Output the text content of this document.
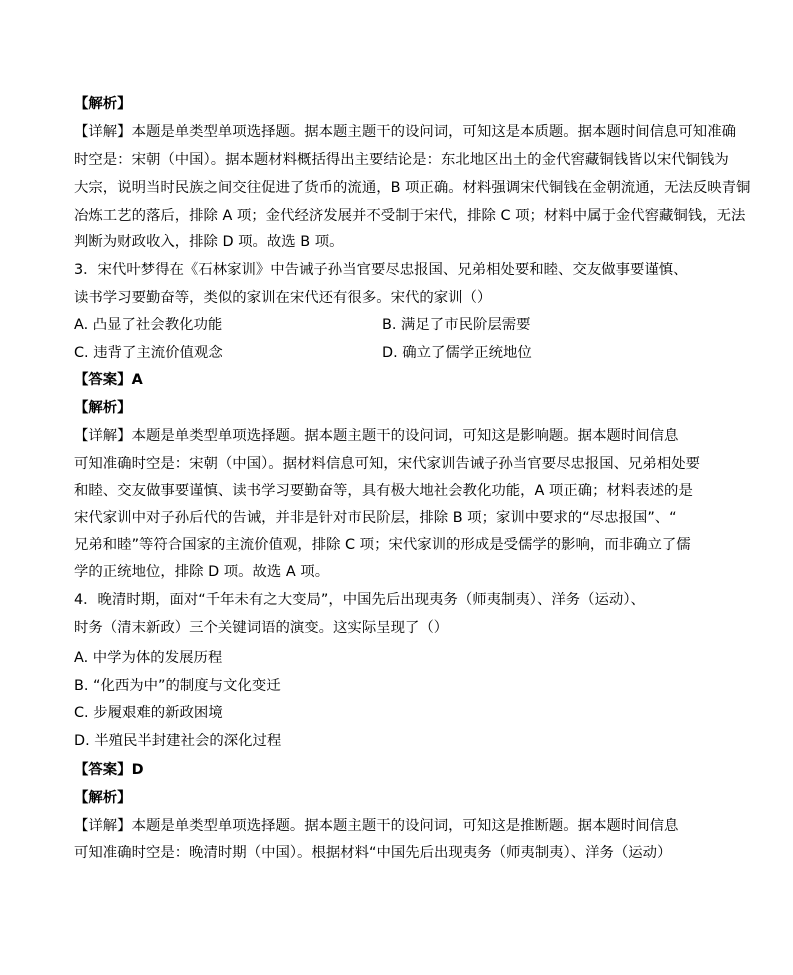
【解析】
【详解】本题是单类型单项选择题。据本题主题干的设问词，可知这是本质题。据本题时间信息可知准确
时空是：宋朝（中国）。据本题材料概括得出主要结论是：东北地区出土的金代窖藏铜钱皆以宋代铜钱为
大宗，说明当时民族之间交往促进了货币的流通，B 项正确。材料强调宋代铜钱在金朝流通，无法反映青铜
冶炼工艺的落后，排除 A 项；金代经济发展并不受制于宋代，排除 C 项；材料中属于金代窖藏铜钱，无法
判断为财政收入，排除 D 项。故选 B 项。
3．宋代叶梦得在《石林家训》中告诫子孙当官要尽忠报国、兄弟相处要和睦、交友做事要谨慎、
读书学习要勤奋等，类似的家训在宋代还有很多。宋代的家训（）
A. 凸显了社会教化功能	B. 满足了市民阶层需要
C. 违背了主流价值观念	D. 确立了儒学正统地位
【答案】A
【解析】
【详解】本题是单类型单项选择题。据本题主题干的设问词，可知这是影响题。据本题时间信息
可知准确时空是：宋朝（中国）。据材料信息可知，宋代家训告诫子孙当官要尽忠报国、兄弟相处要
和睦、交友做事要谨慎、读书学习要勤奋等，具有极大地社会教化功能，A 项正确；材料表述的是
宋代家训中对子孙后代的告诫，并非是针对市民阶层，排除 B 项；家训中要求的“尽忠报国”、“
兄弟和睦”等符合国家的主流价值观，排除 C 项；宋代家训的形成是受儒学的影响，而非确立了儒
学的正统地位，排除 D 项。故选 A 项。
4．晚清时期，面对“千年未有之大变局”，中国先后出现夷务（师夷制夷）、洋务（运动）、
时务（清末新政）三个关键词语的演变。这实际呈现了（）
A. 中学为体的发展历程
B. “化西为中”的制度与文化变迁
C. 步履艰难的新政困境
D. 半殖民半封建社会的深化过程
【答案】D
【解析】
【详解】本题是单类型单项选择题。据本题主题干的设问词，可知这是推断题。据本题时间信息
可知准确时空是：晚清时期（中国）。根据材料“中国先后出现夷务（师夷制夷）、洋务（运动）
